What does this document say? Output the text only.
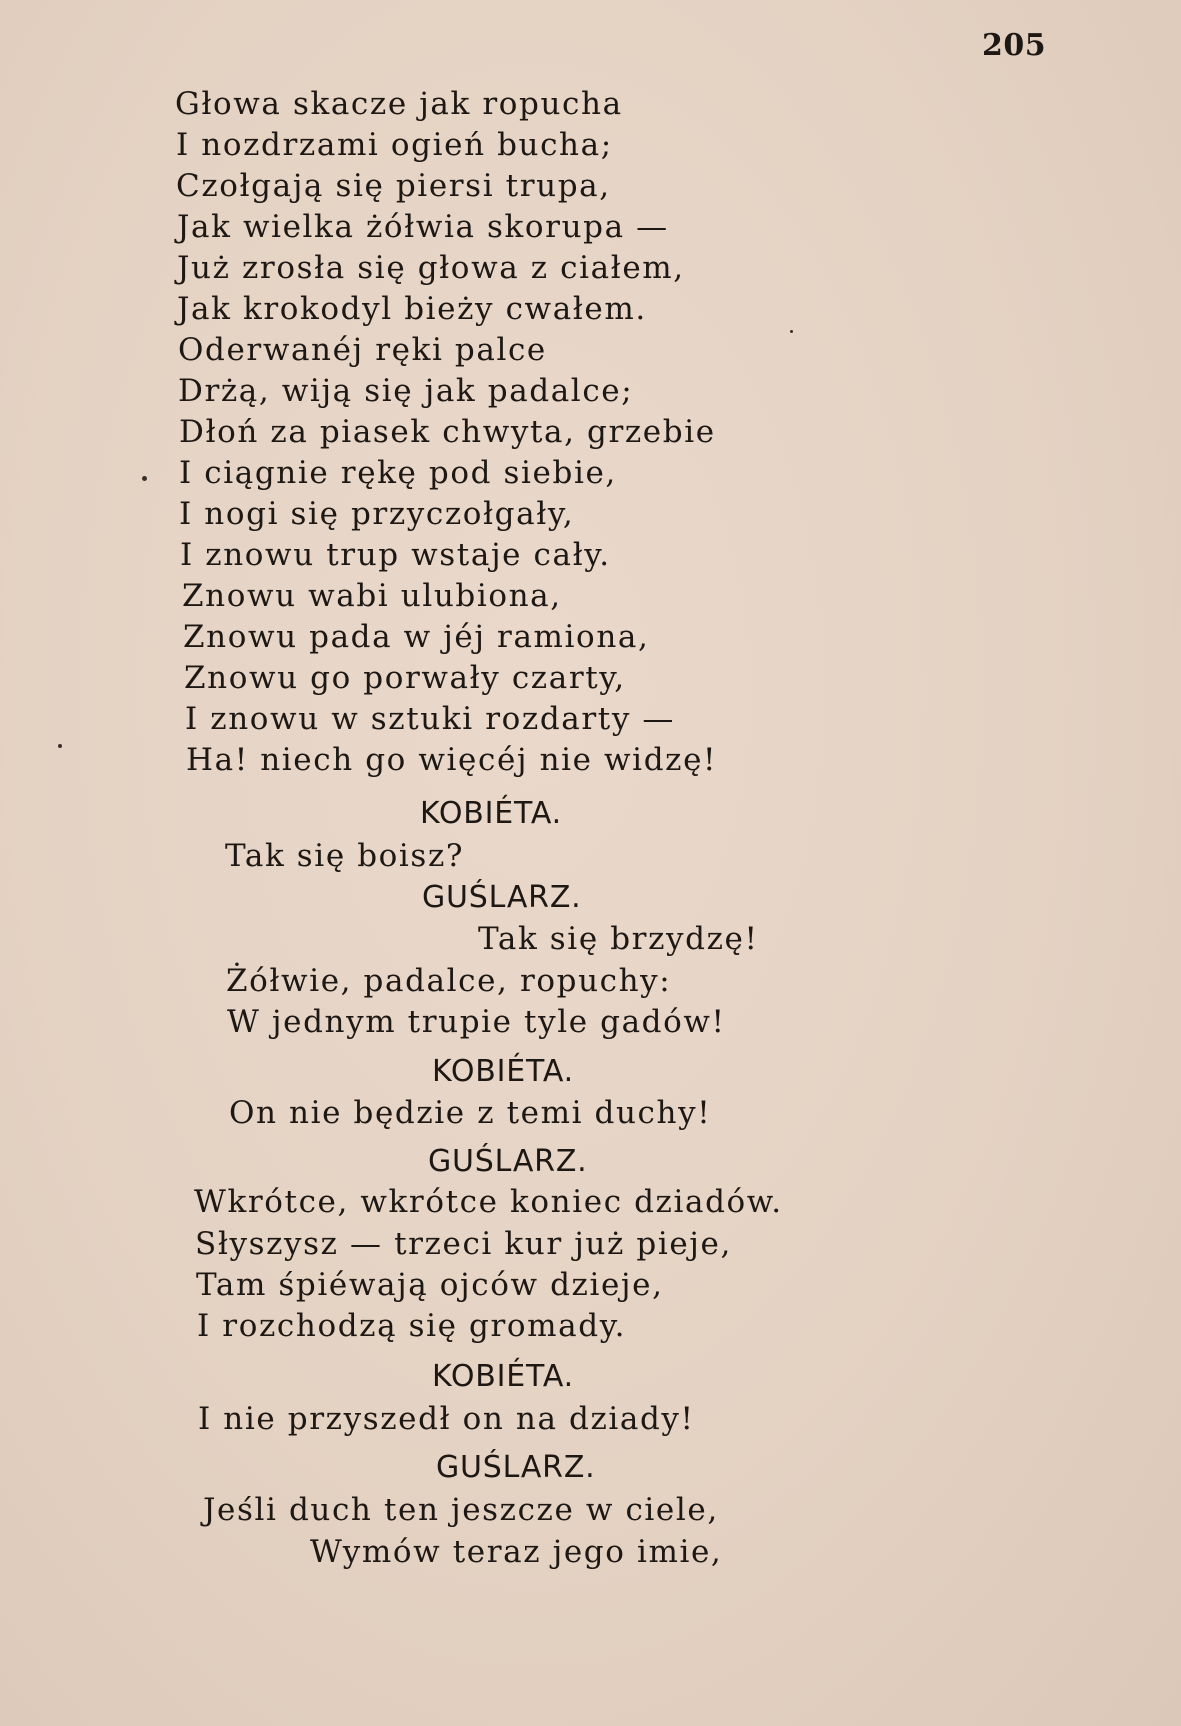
205
Głowa skacze jak ropucha
I nozdrzami ogień bucha;
Czołgają się piersi trupa,
Jak wielka żółwia skorupa —
Już zrosła się głowa z ciałem,
Jak krokodyl bieży cwałem.
Oderwanéj ręki palce
Drżą, wiją się jak padalce;
Dłoń za piasek chwyta, grzebie
I ciągnie rękę pod siebie,
I nogi się przyczołgały,
I znowu trup wstaje cały.
Znowu wabi ulubiona,
Znowu pada w jéj ramiona,
Znowu go porwały czarty,
I znowu w sztuki rozdarty —
Ha! niech go więcéj nie widzę!
KOBIÉTA.
Tak się boisz?
GUŚLARZ.
Tak się brzydzę!
Żółwie, padalce, ropuchy:
W jednym trupie tyle gadów!
KOBIÉTA.
On nie będzie z temi duchy!
GUŚLARZ.
Wkrótce, wkrótce koniec dziadów.
Słyszysz — trzeci kur już pieje,
Tam śpiéwają ojców dzieje,
I rozchodzą się gromady.
KOBIÉTA.
I nie przyszedł on na dziady!
GUŚLARZ.
Jeśli duch ten jeszcze w ciele,
Wymów teraz jego imie,
